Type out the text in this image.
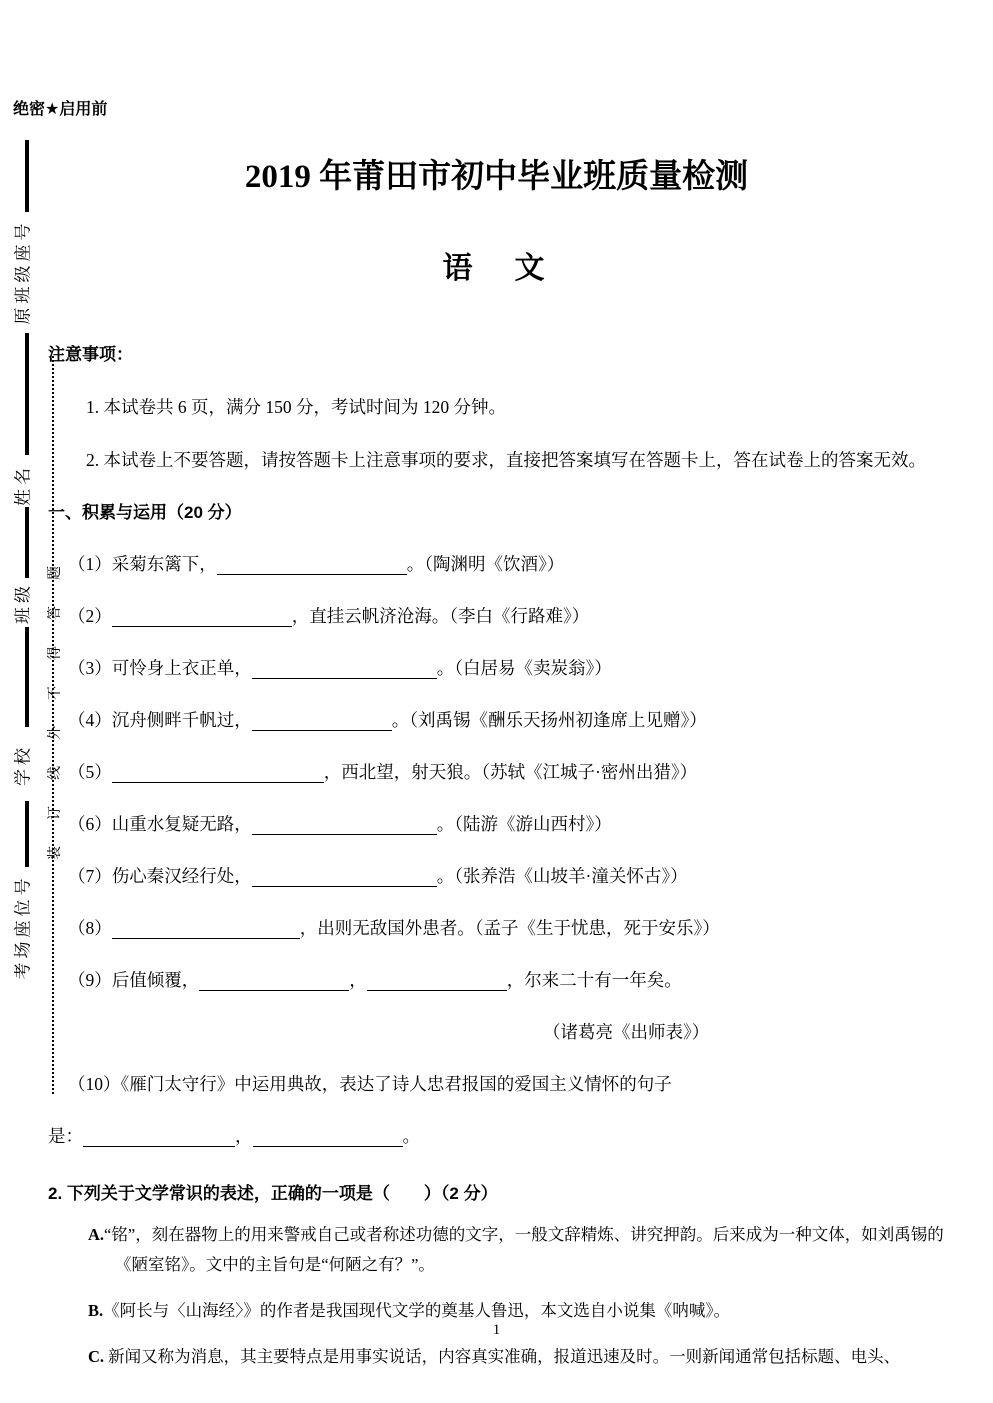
绝密★启用前
2019 年莆田市初中毕业班质量检测
语　文
原班级座号
姓名
班级
学校
考场座位号
装订线外不得答题
注意事项：
1. 本试卷共 6 页，满分 150 分，考试时间为 120 分钟。
2. 本试卷上不要答题，请按答题卡上注意事项的要求，直接把答案填写在答题卡上，答在试卷上的答案无效。
一、积累与运用（20 分）
（1）采菊东篱下，	。（陶渊明《饮酒》）
（2）	，直挂云帆济沧海。（李白《行路难》）
（3）可怜身上衣正单，	。（白居易《卖炭翁》）
（4）沉舟侧畔千帆过，	。（刘禹锡《酬乐天扬州初逢席上见赠》）
（5）	，西北望，射天狼。（苏轼《江城子·密州出猎》）
（6）山重水复疑无路，	。（陆游《游山西村》）
（7）伤心秦汉经行处，	。（张养浩《山坡羊·潼关怀古》）
（8）	，出则无敌国外患者。（孟子《生于忧患，死于安乐》）
（9）后值倾覆，	，	，尔来二十有一年矣。
（诸葛亮《出师表》）
（10）《雁门太守行》中运用典故，表达了诗人忠君报国的爱国主义情怀的句子
是：	，	。
2. 下列关于文学常识的表述，正确的一项是（　　）（2 分）
A.“铭”，刻在器物上的用来警戒自己或者称述功德的文字，一般文辞精炼、讲究押韵。后来成为一种文体，如刘禹锡的《陋室铭》。文中的主旨句是“何陋之有？”。
B.《阿长与〈山海经〉》的作者是我国现代文学的奠基人鲁迅，本文选自小说集《呐喊》。
C. 新闻又称为消息，其主要特点是用事实说话，内容真实准确，报道迅速及时。一则新闻通常包括标题、电头、
1
